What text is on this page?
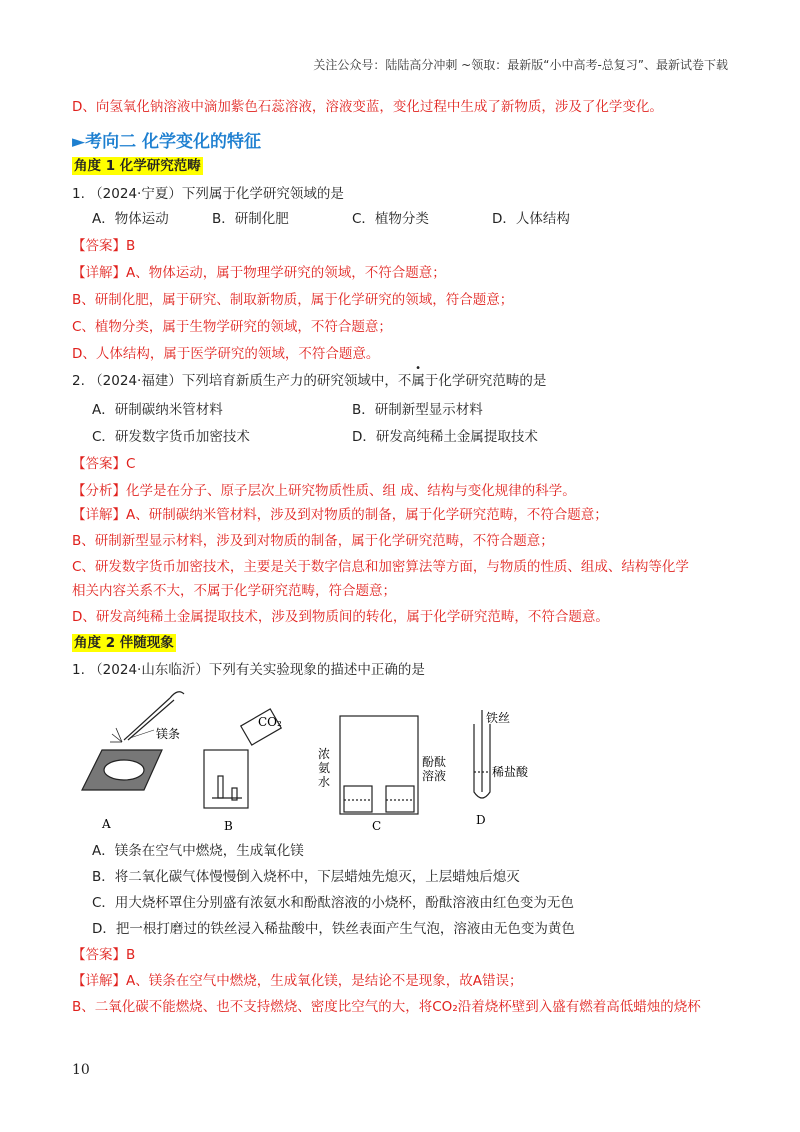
关注公众号：陆陆高分冲刺 ~领取：最新版“小中高考-总复习”、最新试卷下载
D、向氢氧化钠溶液中滴加紫色石蕊溶液，溶液变蓝，变化过程中生成了新物质，涉及了化学变化。
►考向二 化学变化的特征
角度 1 化学研究范畴
1. （2024·宁夏）下列属于化学研究领域的是
A．物体运动	B．研制化肥	C．植物分类	D．人体结构
【答案】B
【详解】A、物体运动，属于物理学研究的领域，不符合题意；
B、研制化肥，属于研究、制取新物质，属于化学研究的领域，符合题意；
C、植物分类，属于生物学研究的领域，不符合题意；
D、人体结构，属于医学研究的领域，不符合题意。
2. （2024·福建）下列培育新质生产力的研究领域中，不属于化学研究范畴的是
A．研制碳纳米管材料	B．研制新型显示材料
C．研发数字货币加密技术	D．研发高纯稀土金属提取技术
【答案】C
【分析】化学是在分子、原子层次上研究物质性质、组 成、结构与变化规律的科学。
【详解】A、研制碳纳米管材料，涉及到对物质的制备，属于化学研究范畴，不符合题意；
B、研制新型显示材料，涉及到对物质的制备，属于化学研究范畴，不符合题意；
C、研发数字货币加密技术，主要是关于数字信息和加密算法等方面，与物质的性质、组成、结构等化学
相关内容关系不大，不属于化学研究范畴，符合题意；
D、研发高纯稀土金属提取技术，涉及到物质间的转化，属于化学研究范畴，不符合题意。
角度 2 伴随现象
1. （2024·山东临沂）下列有关实验现象的描述中正确的是
镁条
A
CO₂
B
浓
氨
水
酚酞
溶液
C
铁丝
稀盐酸
D
A．镁条在空气中燃烧，生成氧化镁
B．将二氧化碳气体慢慢倒入烧杯中，下层蜡烛先熄灭，上层蜡烛后熄灭
C．用大烧杯罩住分别盛有浓氨水和酚酞溶液的小烧杯，酚酞溶液由红色变为无色
D．把一根打磨过的铁丝浸入稀盐酸中，铁丝表面产生气泡，溶液由无色变为黄色
【答案】B
【详解】A、镁条在空气中燃烧，生成氧化镁，是结论不是现象，故A错误；
B、二氧化碳不能燃烧、也不支持燃烧、密度比空气的大，将CO₂沿着烧杯壁到入盛有燃着高低蜡烛的烧杯
10
